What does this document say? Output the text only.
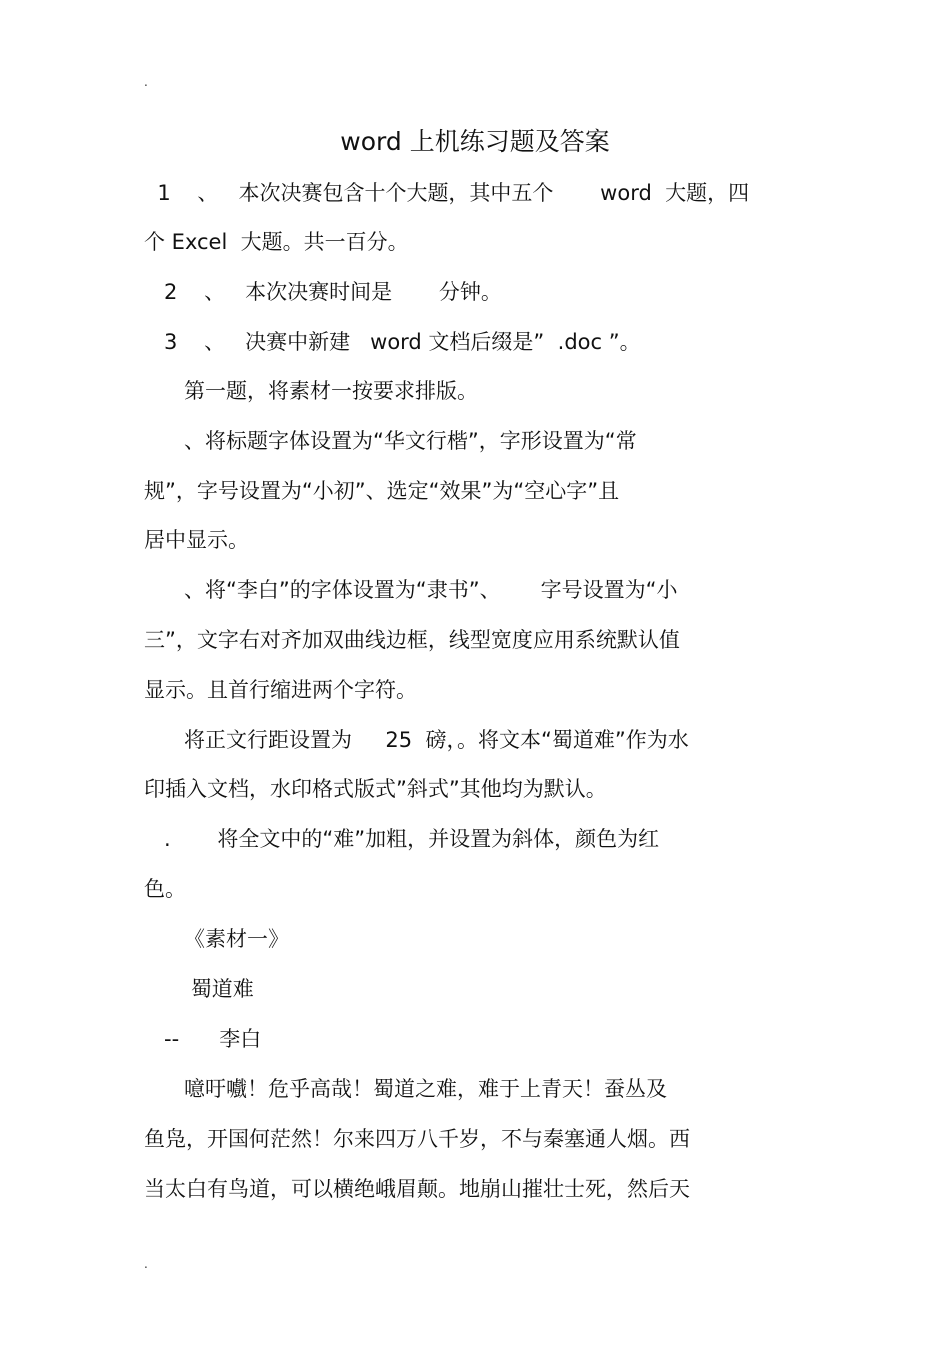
.
word 上机练习题及答案
1    、   本次决赛包含十个大题，其中五个       word  大题，四
个 Excel  大题。共一百分。
2    、   本次决赛时间是       分钟。
3    、   决赛中新建   word 文档后缀是”  .doc ”。
第一题，将素材一按要求排版。
、将标题字体设置为“华文行楷”，字形设置为“常
规”，字号设置为“小初”、选定“效果”为“空心字”且
居中显示。
、将“李白”的字体设置为“隶书”、      字号设置为“小
三”，文字右对齐加双曲线边框，线型宽度应用系统默认值
显示。且首行缩进两个字符。
将正文行距设置为     25  磅，。将文本“蜀道难”作为水
印插入文档，水印格式版式”斜式”其他均为默认。
.       将全文中的“难”加粗，并设置为斜体，颜色为红
色。
《素材一》
蜀道难
--      李白
噫吁嚱！危乎高哉！蜀道之难，难于上青天！蚕丛及
鱼凫，开国何茫然！尔来四万八千岁，不与秦塞通人烟。西
当太白有鸟道，可以横绝峨眉颠。地崩山摧壮士死，然后天
.
